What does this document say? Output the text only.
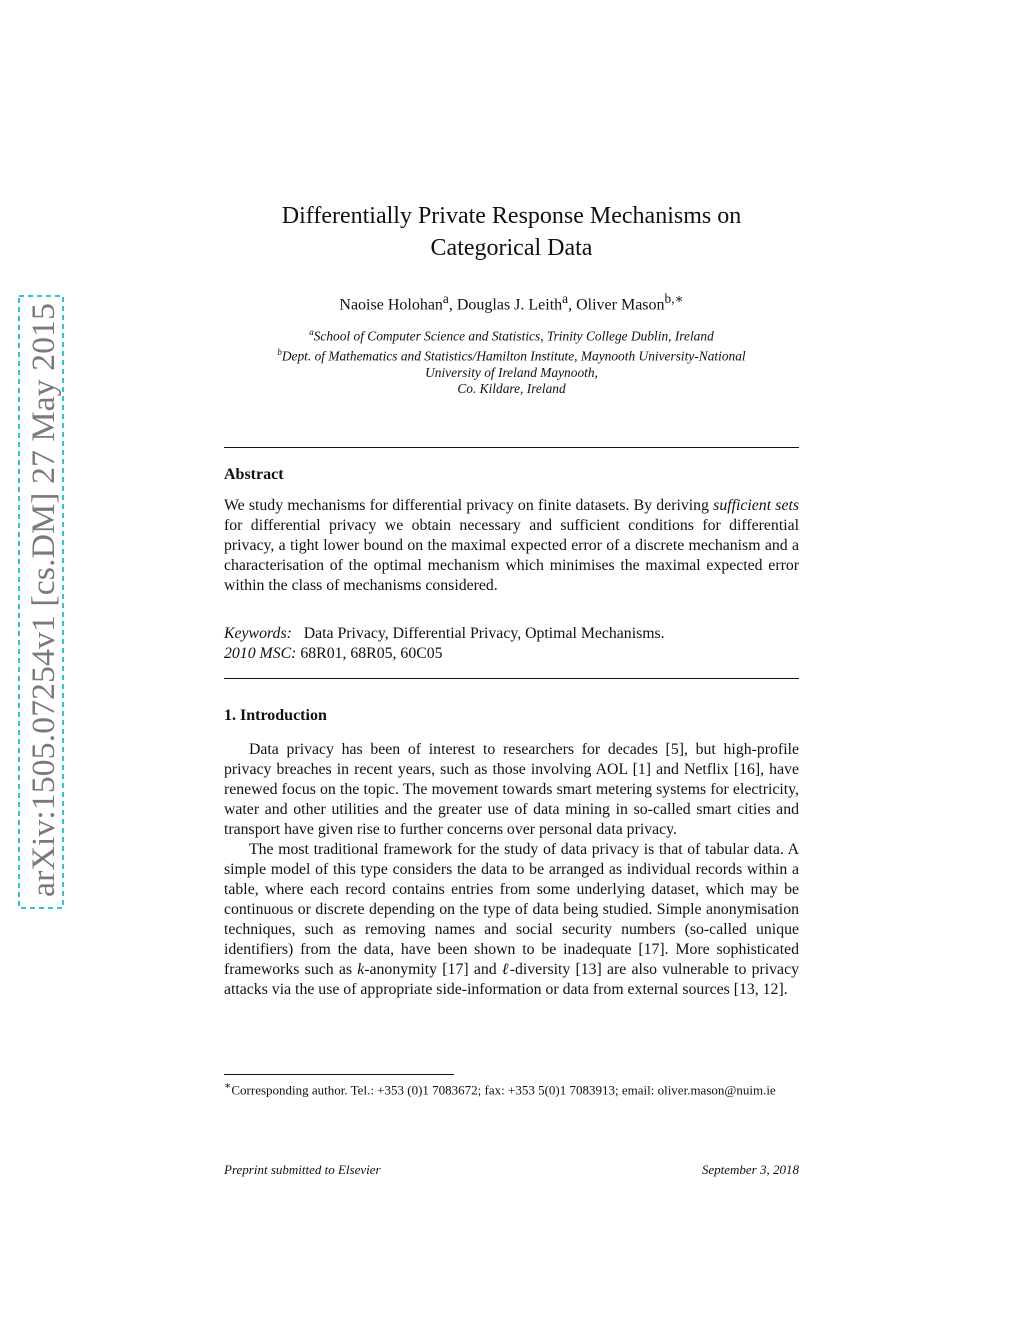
arXiv:1505.07254v1 [cs.DM] 27 May 2015
Differentially Private Response Mechanisms on
Categorical Data
Naoise Holohan$^a$, Douglas J. Leith$^a$, Oliver Mason$^{b,∗}$
$^a$School of Computer Science and Statistics, Trinity College Dublin, Ireland
$^b$Dept. of Mathematics and Statistics/Hamilton Institute, Maynooth University-National
University of Ireland Maynooth,
Co. Kildare, Ireland
Abstract
We study mechanisms for differential privacy on finite datasets. By deriving sufficient sets for differential privacy we obtain necessary and sufficient conditions for differential privacy, a tight lower bound on the maximal expected error of a discrete mechanism and a characterisation of the optimal mechanism which minimises the maximal expected error within the class of mechanisms considered.
Keywords: Data Privacy, Differential Privacy, Optimal Mechanisms.
2010 MSC: 68R01, 68R05, 60C05
1. Introduction

Data privacy has been of interest to researchers for decades [5], but high-profile privacy breaches in recent years, such as those involving AOL [1] and Netflix [16], have renewed focus on the topic. The movement towards smart metering systems for electricity, water and other utilities and the greater use of data mining in so-called smart cities and transport have given rise to further concerns over personal data privacy.

The most traditional framework for the study of data privacy is that of tabular data. A simple model of this type considers the data to be arranged as individual records within a table, where each record contains entries from some underlying dataset, which may be continuous or discrete depending on the type of data being studied. Simple anonymisation techniques, such as removing names and social security numbers (so-called unique identifiers) from the data, have been shown to be inadequate [17]. More sophisticated frameworks such as k-anonymity [17] and ℓ-diversity [13] are also vulnerable to privacy attacks via the use of appropriate side-information or data from external sources [13, 12].

∗Corresponding author. Tel.: +353 (0)1 7083672; fax: +353 5(0)1 7083913; email: oliver.mason@nuim.ie
Preprint submitted to Elsevier	September 3, 2018
